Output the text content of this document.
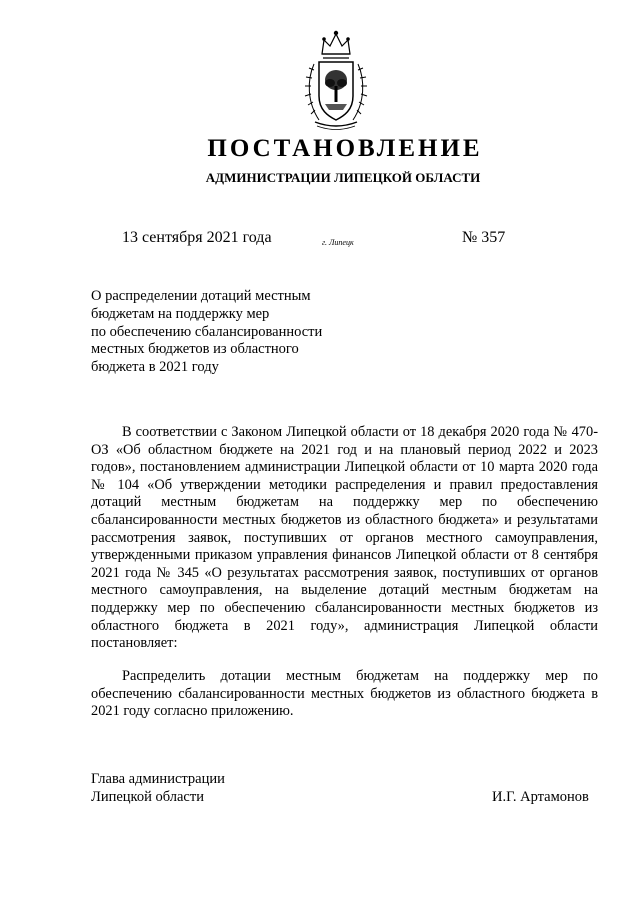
ПОСТАНОВЛЕНИЕ
АДМИНИСТРАЦИИ ЛИПЕЦКОЙ ОБЛАСТИ
13 сентября 2021 года	г. Липецк	№ 357
О распределении дотаций местным
бюджетам на поддержку мер
по обеспечению сбалансированности
местных бюджетов из областного
бюджета в 2021 году

В соответствии с Законом Липецкой области от 18 декабря 2020 года № 470-ОЗ «Об областном бюджете на 2021 год и на плановый период 2022 и 2023 годов», постановлением администрации Липецкой области от 10 марта 2020 года № 104 «Об утверждении методики распределения и правил предоставления дотаций местным бюджетам на поддержку мер по обеспечению сбалансированности местных бюджетов из областного бюджета» и результатами рассмотрения заявок, поступивших от органов местного самоуправления, утвержденными приказом управления финансов Липецкой области от 8 сентября 2021 года № 345 «О результатах рассмотрения заявок, поступивших от органов местного самоуправления, на выделение дотаций местным бюджетам на поддержку мер по обеспечению сбалансированности местных бюджетов из областного бюджета в 2021 году», администрация Липецкой области постановляет:

Распределить дотации местным бюджетам на поддержку мер по обеспечению сбалансированности местных бюджетов из областного бюджета в 2021 году согласно приложению.

Глава администрации
Липецкой области	И.Г. Артамонов
